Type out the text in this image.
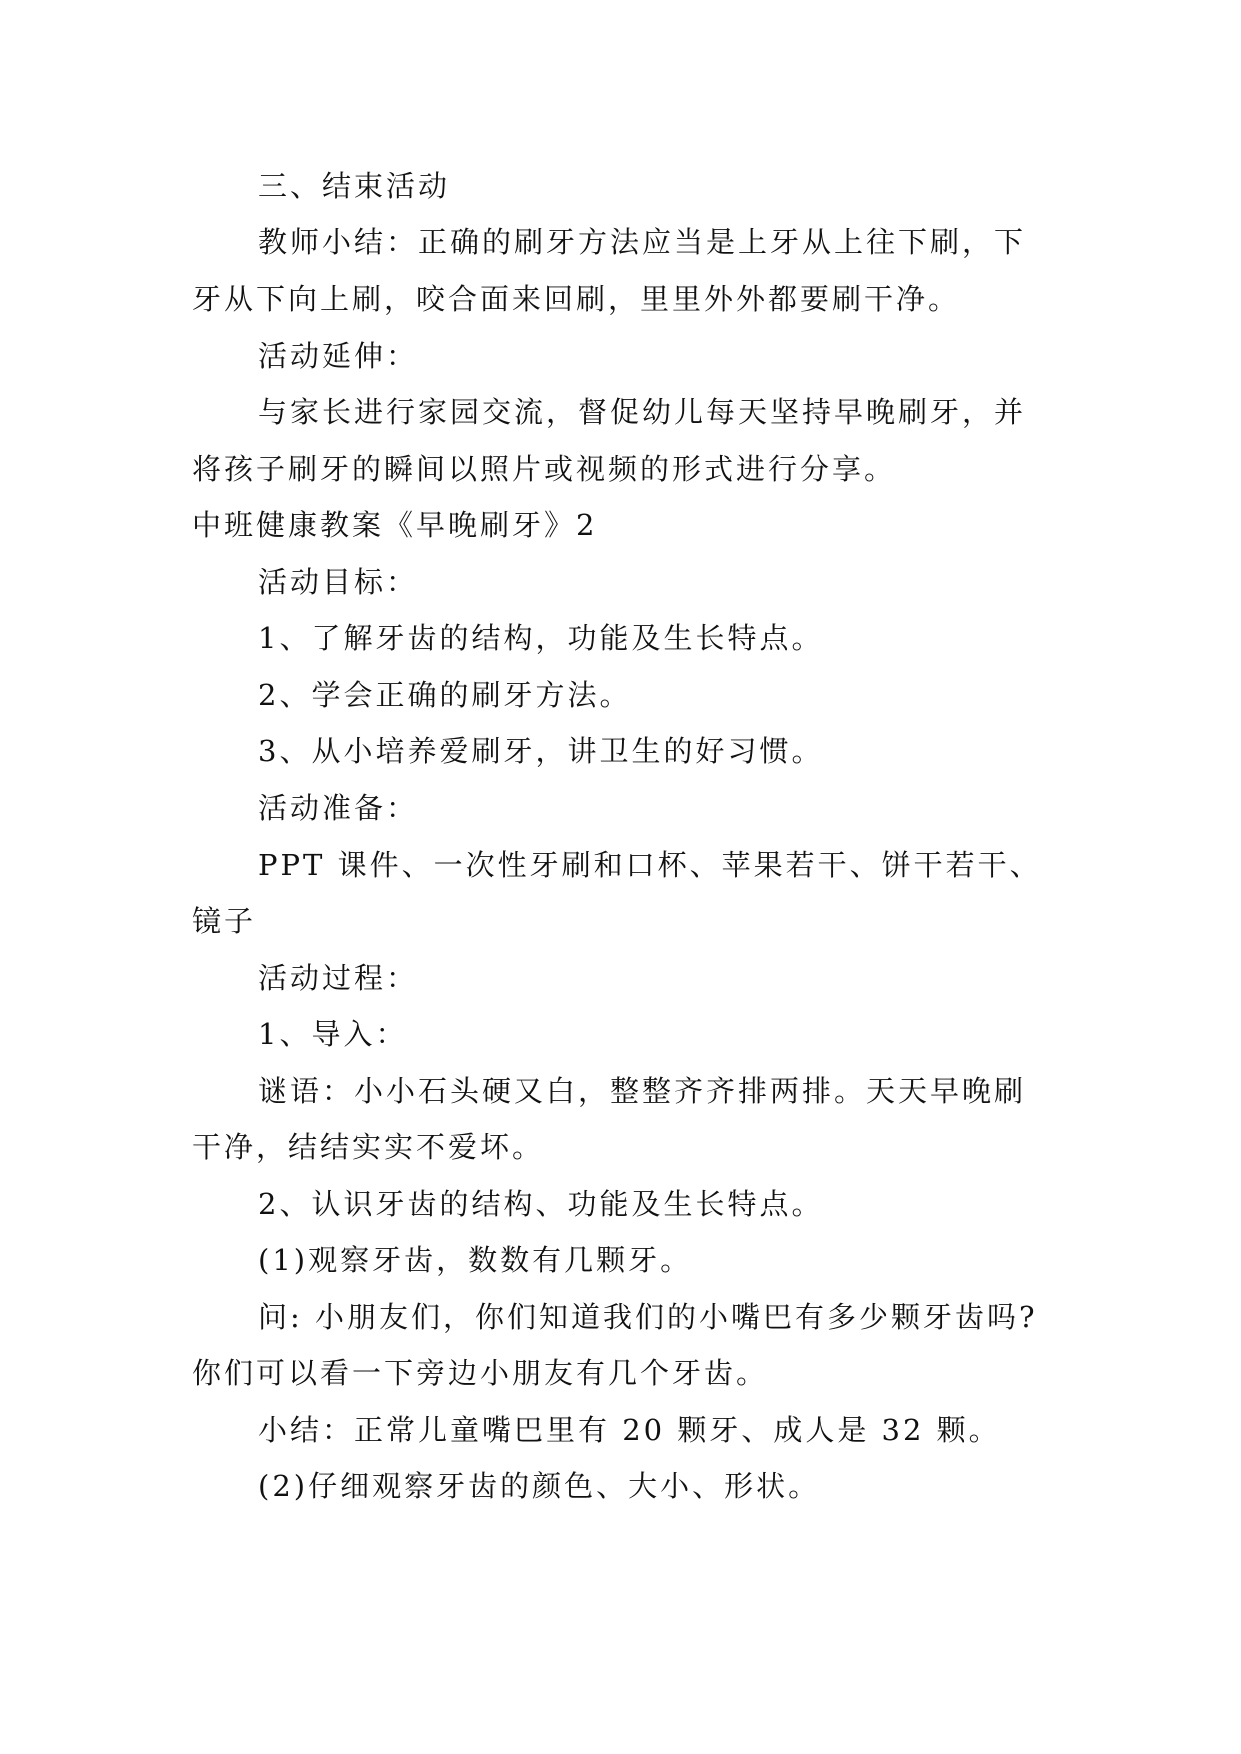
三、结束活动
教师小结：正确的刷牙方法应当是上牙从上往下刷，下
牙从下向上刷，咬合面来回刷，里里外外都要刷干净。
活动延伸：
与家长进行家园交流，督促幼儿每天坚持早晚刷牙，并
将孩子刷牙的瞬间以照片或视频的形式进行分享。
中班健康教案《早晚刷牙》2
活动目标：
1、了解牙齿的结构，功能及生长特点。
2、学会正确的刷牙方法。
3、从小培养爱刷牙，讲卫生的好习惯。
活动准备：
PPT 课件、一次性牙刷和口杯、苹果若干、饼干若干、
镜子
活动过程：
1、导入：
谜语：小小石头硬又白，整整齐齐排两排。天天早晚刷
干净，结结实实不爱坏。
2、认识牙齿的结构、功能及生长特点。
(1)观察牙齿，数数有几颗牙。
问: 小朋友们，你们知道我们的小嘴巴有多少颗牙齿吗?
你们可以看一下旁边小朋友有几个牙齿。
小结：正常儿童嘴巴里有 20 颗牙、成人是 32 颗。
(2)仔细观察牙齿的颜色、大小、形状。
